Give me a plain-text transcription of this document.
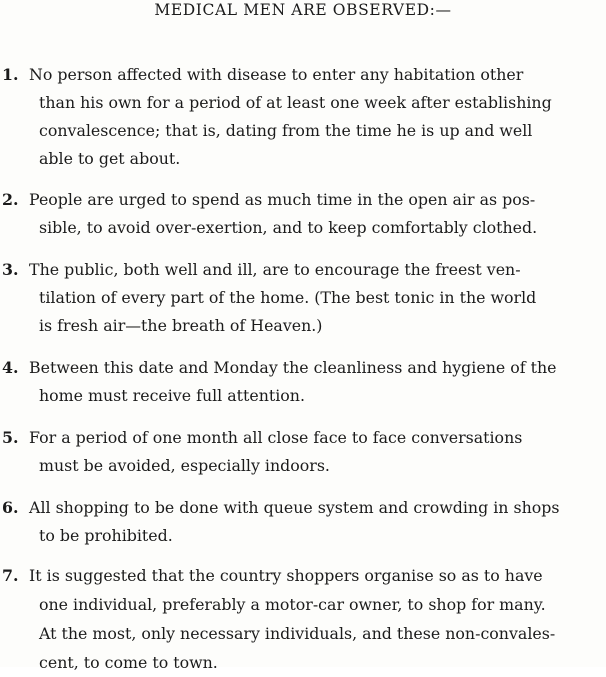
MEDICAL MEN ARE OBSERVED:—
1. No person affected with disease to enter any habitation other
than his own for a period of at least one week after establishing
convalescence; that is, dating from the time he is up and well
able to get about.
2. People are urged to spend as much time in the open air as pos-
sible, to avoid over-exertion, and to keep comfortably clothed.
3. The public, both well and ill, are to encourage the freest ven-
tilation of every part of the home. (The best tonic in the world
is fresh air—the breath of Heaven.)
4. Between this date and Monday the cleanliness and hygiene of the
home must receive full attention.
5. For a period of one month all close face to face conversations
must be avoided, especially indoors.
6. All shopping to be done with queue system and crowding in shops
to be prohibited.
7. It is suggested that the country shoppers organise so as to have
one individual, preferably a motor-car owner, to shop for many.
At the most, only necessary individuals, and these non-convales-
cent, to come to town.
